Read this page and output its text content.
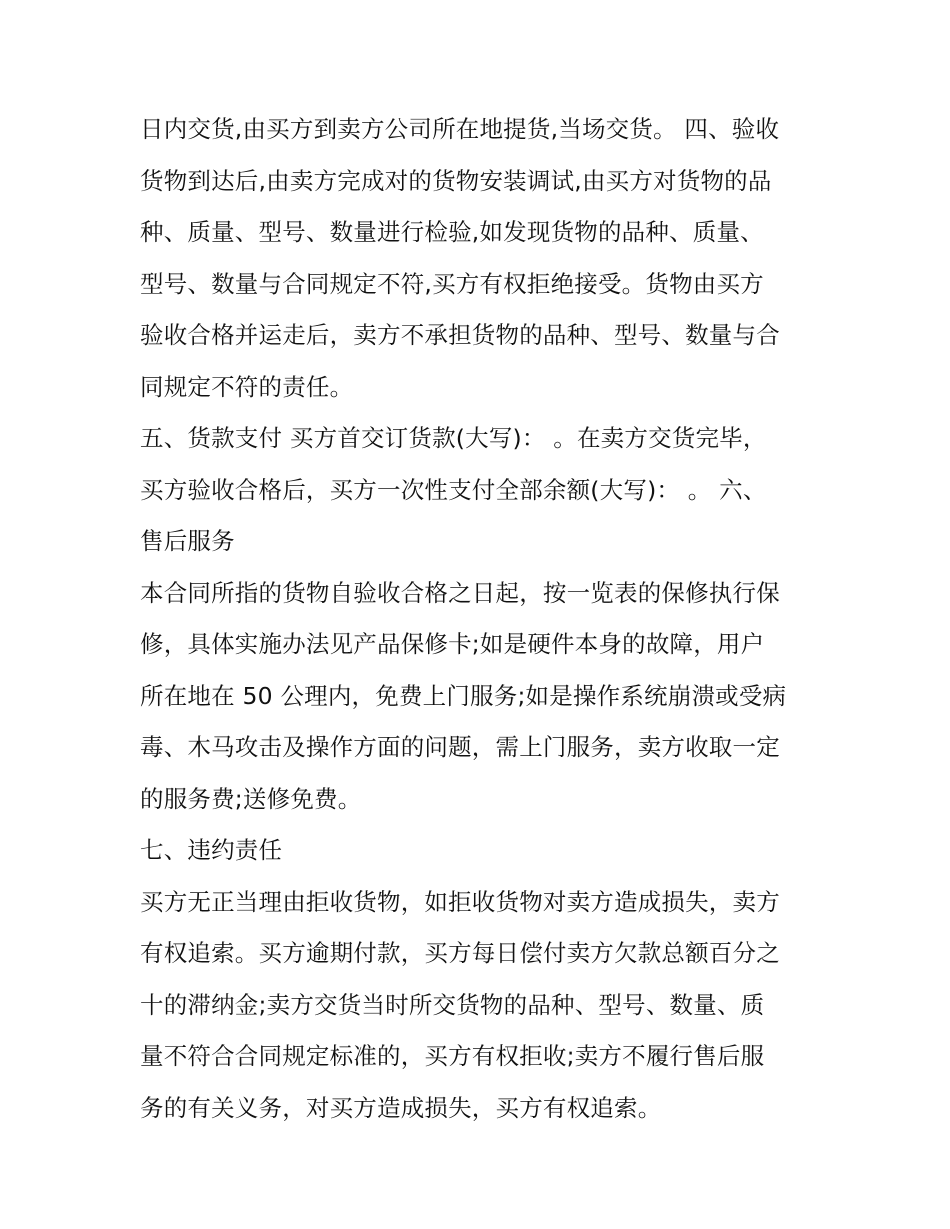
日内交货,由买方到卖方公司所在地提货,当场交货。 四、验收
货物到达后,由卖方完成对的货物安装调试,由买方对货物的品
种、质量、型号、数量进行检验,如发现货物的品种、质量、
型号、数量与合同规定不符,买方有权拒绝接受。货物由买方
验收合格并运走后，卖方不承担货物的品种、型号、数量与合
同规定不符的责任。
五、货款支付 买方首交订货款(大写)： 。在卖方交货完毕，
买方验收合格后，买方一次性支付全部余额(大写)： 。 六、
售后服务
本合同所指的货物自验收合格之日起，按一览表的保修执行保
修，具体实施办法见产品保修卡;如是硬件本身的故障，用户
所在地在 50 公理内，免费上门服务;如是操作系统崩溃或受病
毒、木马攻击及操作方面的问题，需上门服务，卖方收取一定
的服务费;送修免费。
七、违约责任
买方无正当理由拒收货物，如拒收货物对卖方造成损失，卖方
有权追索。买方逾期付款，买方每日偿付卖方欠款总额百分之
十的滞纳金;卖方交货当时所交货物的品种、型号、数量、质
量不符合合同规定标准的，买方有权拒收;卖方不履行售后服
务的有关义务，对买方造成损失，买方有权追索。
